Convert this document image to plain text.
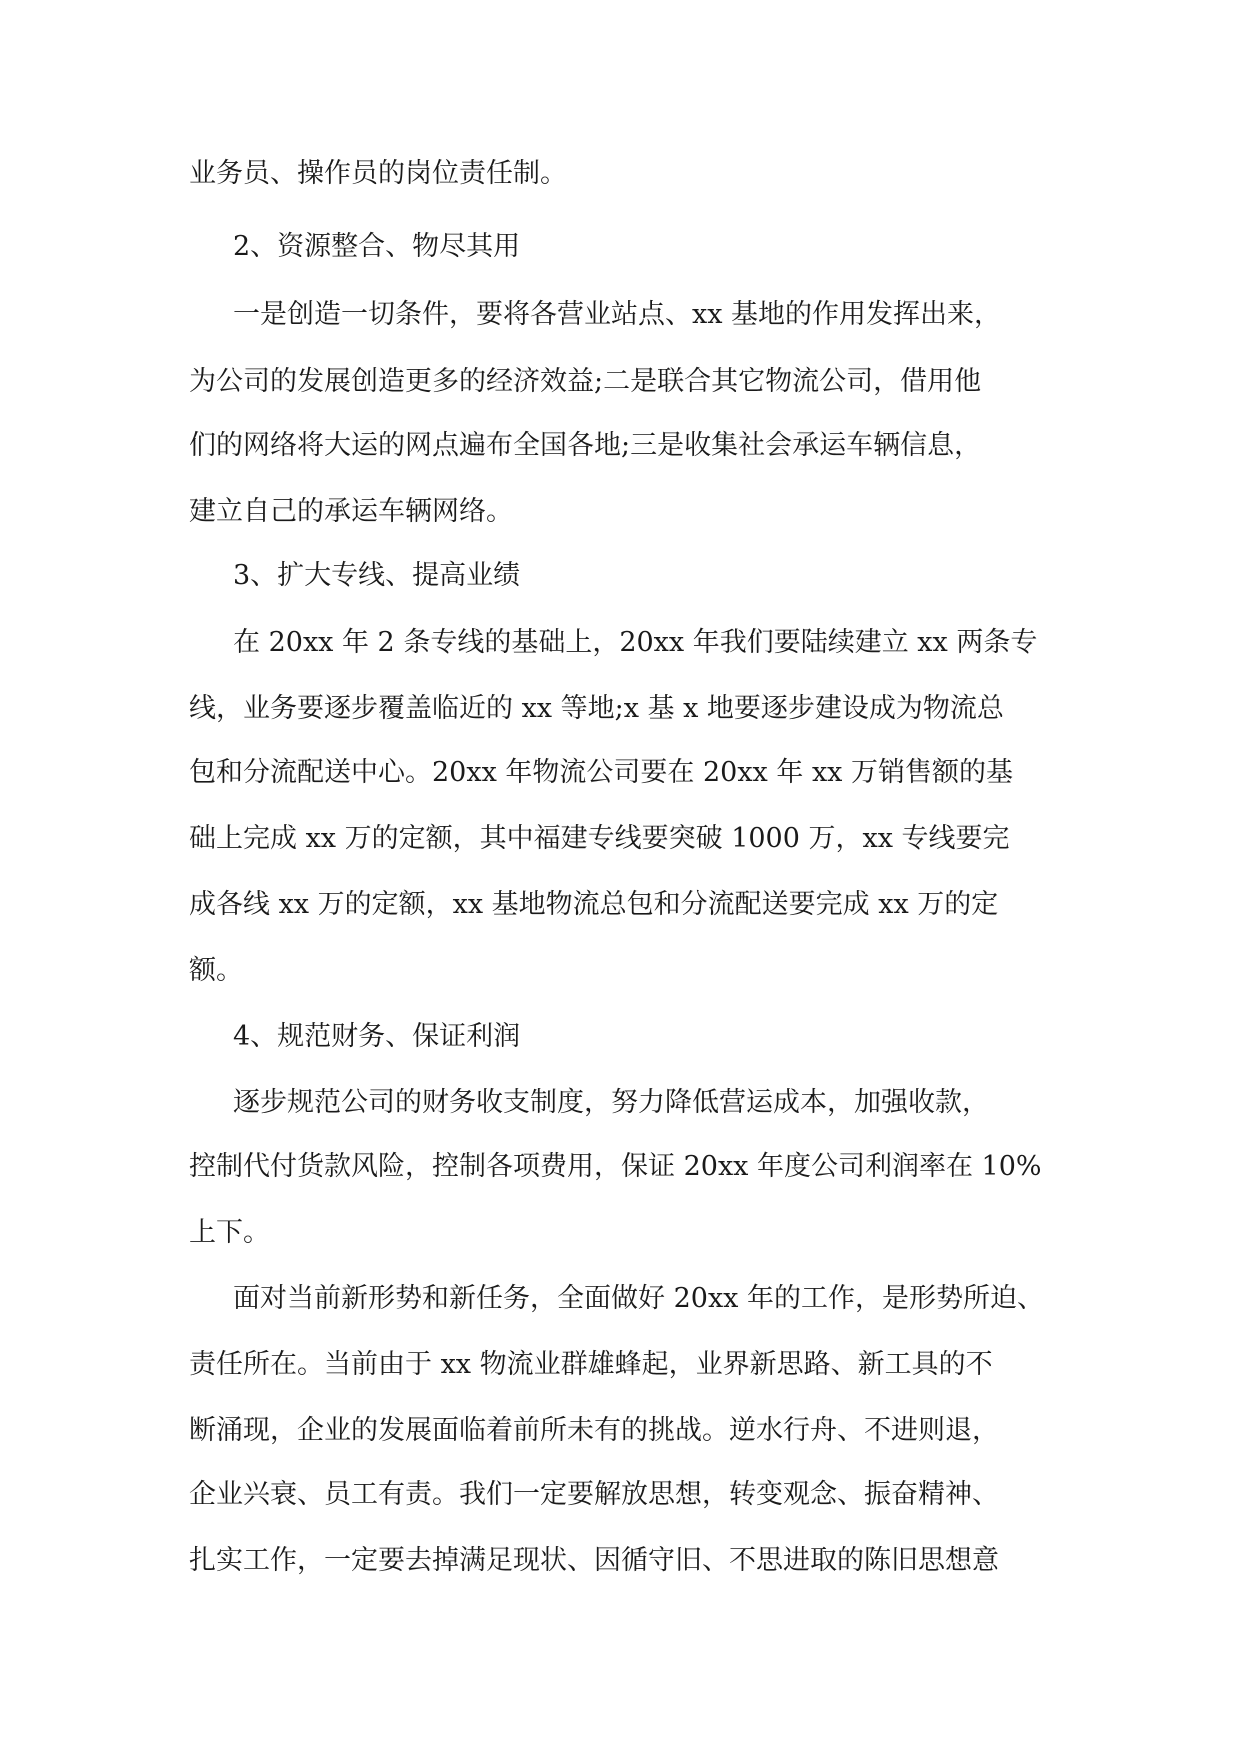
业务员、操作员的岗位责任制。
2、资源整合、物尽其用
一是创造一切条件，要将各营业站点、xx 基地的作用发挥出来，
为公司的发展创造更多的经济效益;二是联合其它物流公司，借用他
们的网络将大运的网点遍布全国各地;三是收集社会承运车辆信息，
建立自己的承运车辆网络。
3、扩大专线、提高业绩
在 20xx 年 2 条专线的基础上，20xx 年我们要陆续建立 xx 两条专
线，业务要逐步覆盖临近的 xx 等地;x 基 x 地要逐步建设成为物流总
包和分流配送中心。20xx 年物流公司要在 20xx 年 xx 万销售额的基
础上完成 xx 万的定额，其中福建专线要突破 1000 万，xx 专线要完
成各线 xx 万的定额，xx 基地物流总包和分流配送要完成 xx 万的定
额。
4、规范财务、保证利润
逐步规范公司的财务收支制度，努力降低营运成本，加强收款，
控制代付货款风险，控制各项费用，保证 20xx 年度公司利润率在 10%
上下。
面对当前新形势和新任务，全面做好 20xx 年的工作，是形势所迫、
责任所在。当前由于 xx 物流业群雄蜂起，业界新思路、新工具的不
断涌现，企业的发展面临着前所未有的挑战。逆水行舟、不进则退，
企业兴衰、员工有责。我们一定要解放思想，转变观念、振奋精神、
扎实工作，一定要去掉满足现状、因循守旧、不思进取的陈旧思想意
